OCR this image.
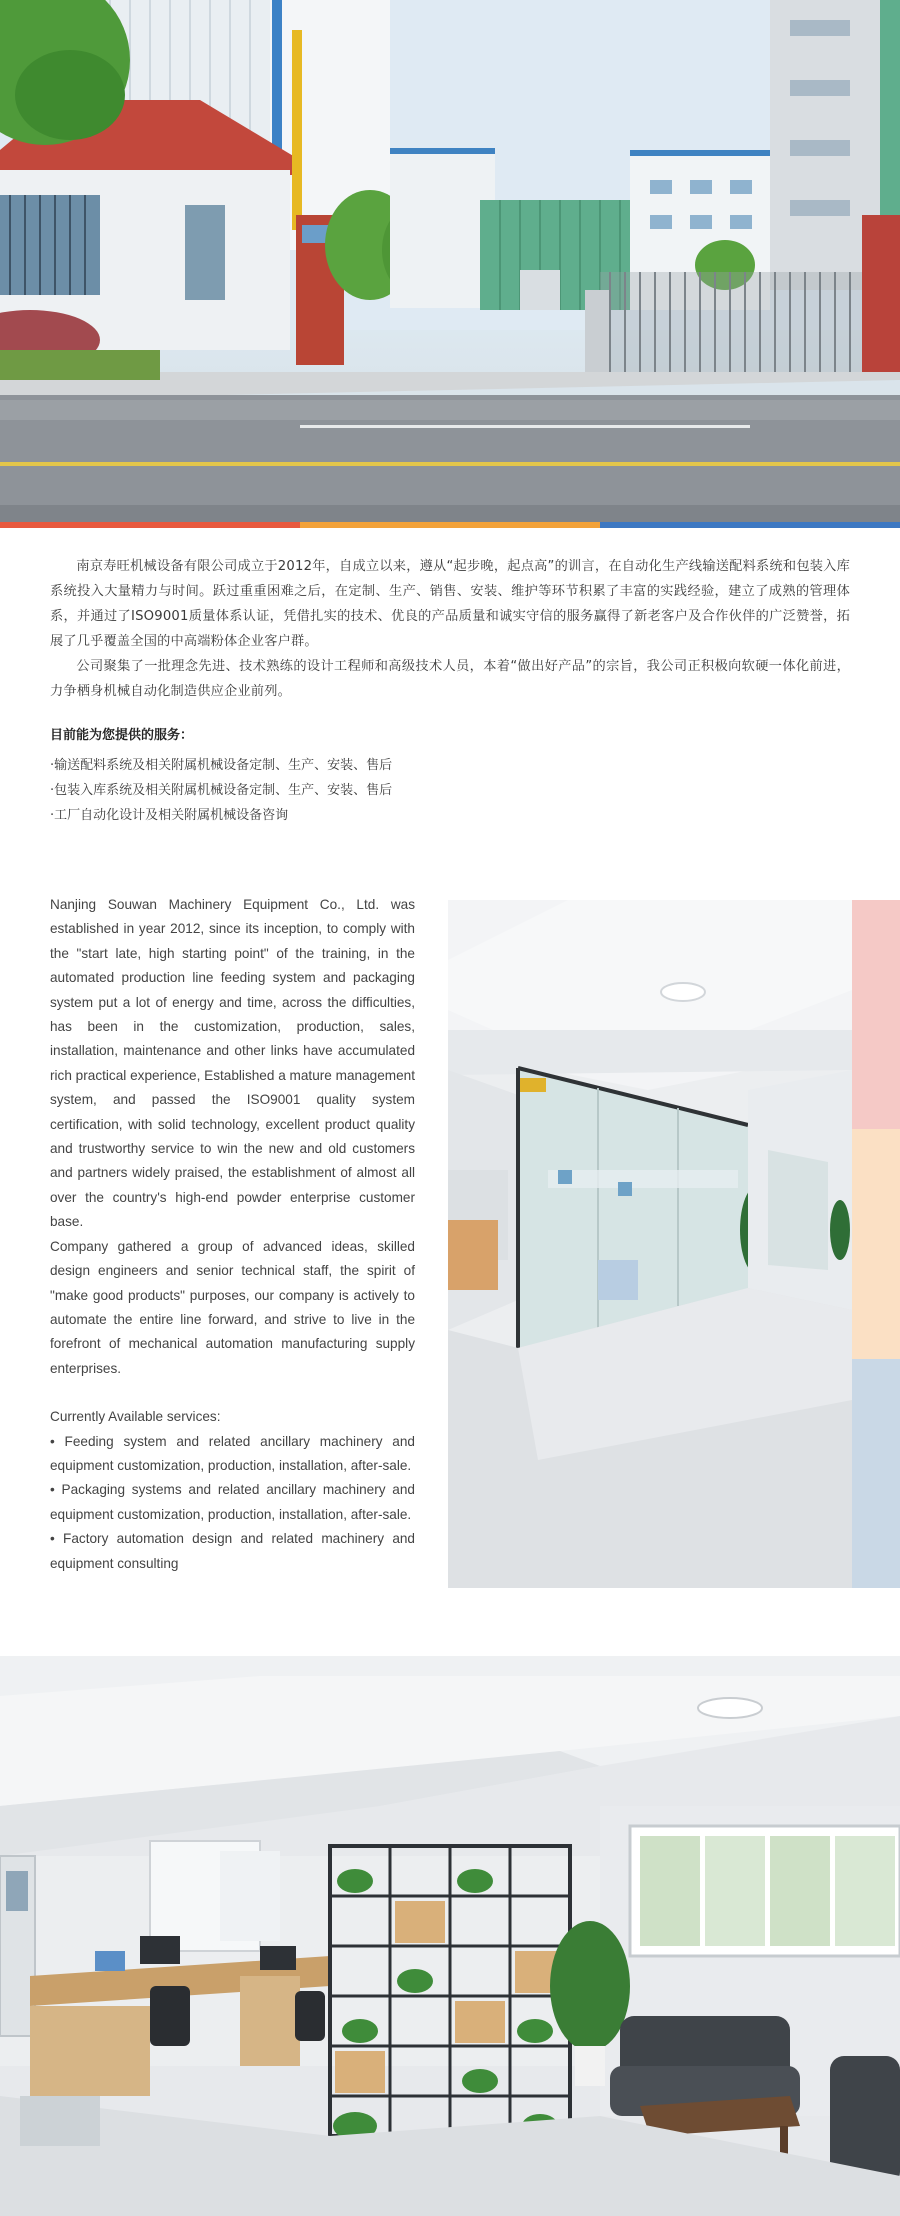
南京寿旺机械设备有限公司成立于2012年，自成立以来，遵从“起步晚，起点高”的训言，在自动化生产线输送配料系统和包装入库系统投入大量精力与时间。跃过重重困难之后，在定制、生产、销售、安装、维护等环节积累了丰富的实践经验，建立了成熟的管理体系，并通过了ISO9001质量体系认证，凭借扎实的技术、优良的产品质量和诚实守信的服务赢得了新老客户及合作伙伴的广泛赞誉，拓展了几乎覆盖全国的中高端粉体企业客户群。

公司聚集了一批理念先进、技术熟练的设计工程师和高级技术人员，本着“做出好产品”的宗旨，我公司正积极向软硬一体化前进，力争栖身机械自动化制造供应企业前列。

目前能为您提供的服务：
·输送配料系统及相关附属机械设备定制、生产、安装、售后
·包装入库系统及相关附属机械设备定制、生产、安装、售后
·工厂自动化设计及相关附属机械设备咨询

Nanjing Souwan Machinery Equipment Co., Ltd. was established in year 2012, since its inception, to comply with the "start late, high starting point" of the training, in the automated production line feeding system and packaging system put a lot of energy and time, across the difficulties, has been in the customization, production, sales, installation, maintenance and other links have accumulated rich practical experience, Established a mature management system, and passed the ISO9001 quality system certification, with solid technology, excellent product quality and trustworthy service to win the new and old customers and partners widely praised, the establishment of almost all over the country's high-end powder enterprise customer base.

Company gathered a group of advanced ideas, skilled design engineers and senior technical staff, the spirit of "make good products" purposes, our company is actively to automate the entire line forward, and strive to live in the forefront of mechanical automation manufacturing supply enterprises.

Currently Available services:
• Feeding system and related ancillary machinery and equipment customization, production, installation, after-sale.
• Packaging systems and related ancillary machinery and equipment customization, production, installation, after-sale.
• Factory automation design and related machinery and equipment consulting
